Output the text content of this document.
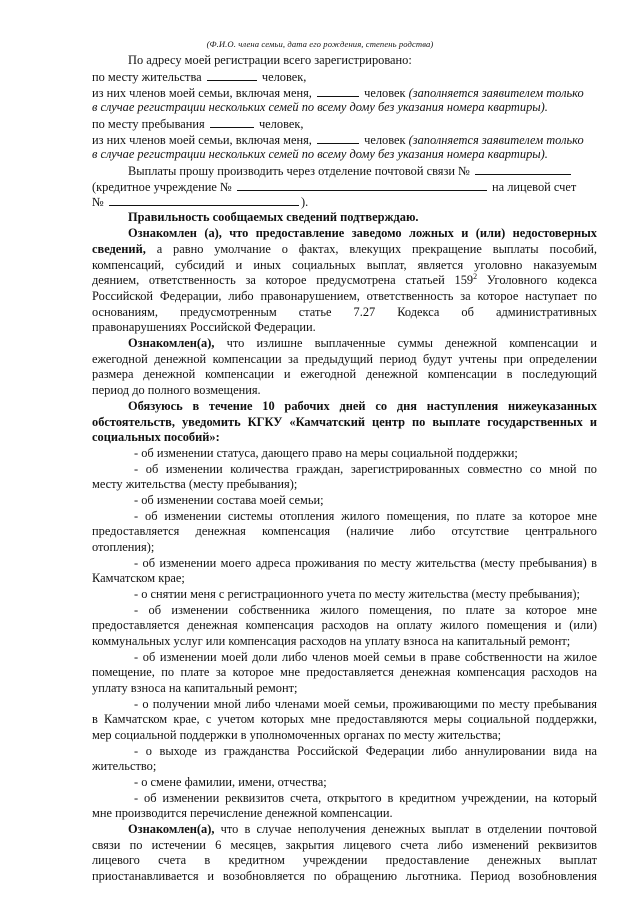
(Ф.И.О. члена семьи, дата его рождения, степень родства)
По адресу моей регистрации всего зарегистрировано:
по месту жительства	человек,
из них членов моей семьи, включая меня,	человек (заполняется заявителем только
в случае регистрации нескольких семей по всему дому без указания номера квартиры).
по месту пребывания	человек,
из них членов моей семьи, включая меня,	человек (заполняется заявителем только
в случае регистрации нескольких семей по всему дому без указания номера квартиры).
Выплаты прошу производить через отделение почтовой связи №
(кредитное учреждение №	на лицевой счет
№	).
Правильность сообщаемых сведений подтверждаю.
Ознакомлен (а), что предоставление заведомо ложных и (или) недостоверных
сведений, а равно умолчание о фактах, влекущих прекращение выплаты пособий,
компенсаций, субсидий и иных социальных выплат, является уголовно наказуемым
деянием, ответственность за которое предусмотрена статьей $159^2$ Уголовного кодекса
Российской Федерации, либо правонарушением, ответственность за которое наступает по
основаниям, предусмотренным статье 7.27 Кодекса об административных
правонарушениях Российской Федерации.
Ознакомлен(а), что излишне выплаченные суммы денежной компенсации и
ежегодной денежной компенсации за предыдущий период будут учтены при определении
размера денежной компенсации и ежегодной денежной компенсации в последующий
период до полного возмещения.
Обязуюсь в течение 10 рабочих дней со дня наступления нижеуказанных
обстоятельств, уведомить КГКУ «Камчатский центр по выплате государственных и
социальных пособий»:
- об изменении статуса, дающего право на меры социальной поддержки;
- об изменении количества граждан, зарегистрированных совместно со мной по
месту жительства (месту пребывания);
- об изменении состава моей семьи;
- об изменении системы отопления жилого помещения, по плате за которое мне
предоставляется денежная компенсация (наличие либо отсутствие центрального
отопления);
- об изменении моего адреса проживания по месту жительства (месту пребывания) в
Камчатском крае;
- о снятии меня с регистрационного учета по месту жительства (месту пребывания);
- об изменении собственника жилого помещения, по плате за которое мне
предоставляется денежная компенсация расходов на оплату жилого помещения и (или)
коммунальных услуг или компенсация расходов на уплату взноса на капитальный ремонт;
- об изменении моей доли либо членов моей семьи в праве собственности на жилое
помещение, по плате за которое мне предоставляется денежная компенсация расходов на
уплату взноса на капитальный ремонт;
- о получении мной либо членами моей семьи, проживающими по месту пребывания
в Камчатском крае, с учетом которых мне предоставляются меры социальной поддержки,
мер социальной поддержки в уполномоченных органах по месту жительства;
- о выходе из гражданства Российской Федерации либо аннулировании вида на
жительство;
- о смене фамилии, имени, отчества;
- об изменении реквизитов счета, открытого в кредитном учреждении, на который
мне производится перечисление денежной компенсации.
Ознакомлен(а), что в случае неполучения денежных выплат в отделении почтовой
связи по истечении 6 месяцев, закрытия лицевого счета либо изменений реквизитов
лицевого счета в кредитном учреждении предоставление денежных выплат
приостанавливается и возобновляется по обращению льготника. Период возобновления
